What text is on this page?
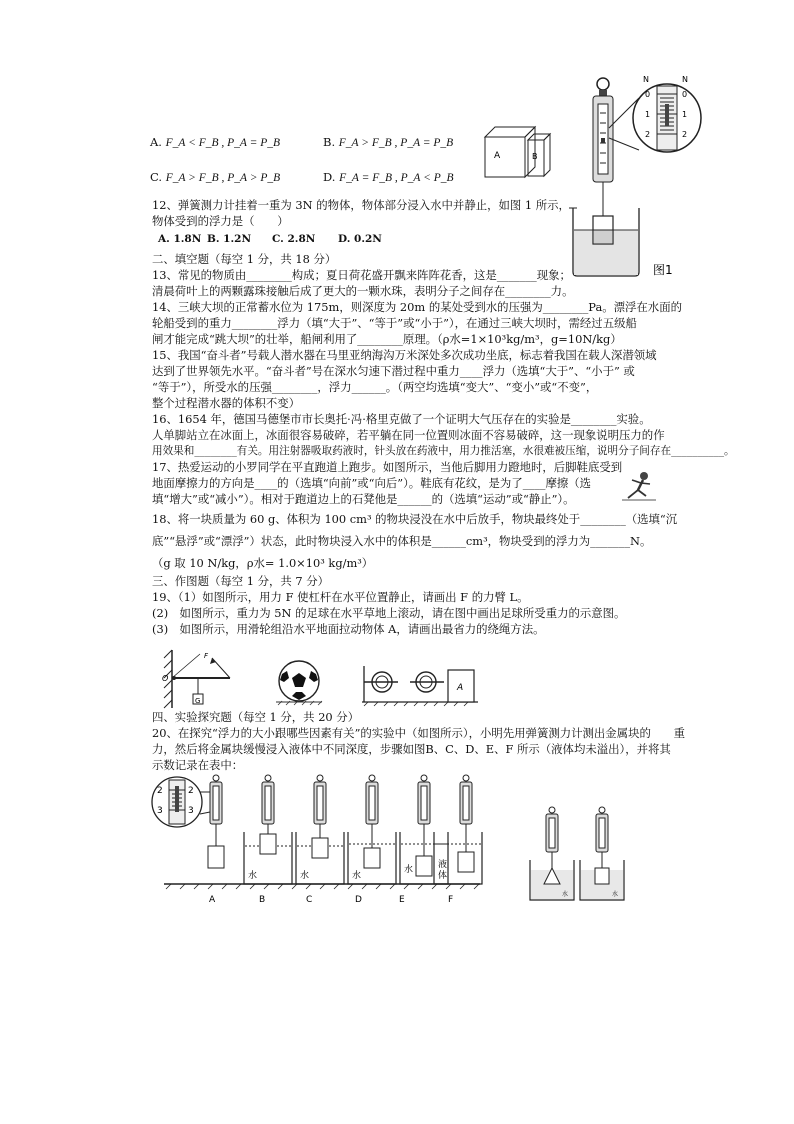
A. F_A < F_B , P_A = P_B	B. F_A > F_B , P_A = P_B
C. F_A > F_B , P_A > P_B	D. F_A = F_B , P_A < P_B
A	B
12、弹簧测力计挂着一重为 3N 的物体，物体部分浸入水中并静止，如图 1 所示，
物体受到的浮力是（　　）
A. 1.8N B. 1.2N C. 2.8N D. 0.2N
N	N
0	0
1	1
2	2
图1
二、填空题（每空 1 分，共 18 分）
13、常见的物质由________构成；夏日荷花盛开飘来阵阵花香，这是_______现象；
清晨荷叶上的两颗露珠接触后成了更大的一颗水珠，表明分子之间存在________力。
14、三峡大坝的正常蓄水位为 175m，则深度为 20m 的某处受到水的压强为________Pa。漂浮在水面的
轮船受到的重力________浮力（填“大于”、“等于”或“小于”），在通过三峡大坝时，需经过五级船
闸才能完成“跳大坝”的壮举，船闸利用了________原理。（ρ水=1×10³kg/m³，g=10N/kg）
15、我国“奋斗者”号载人潜水器在马里亚纳海沟万米深处多次成功坐底，标志着我国在载人深潜领域
达到了世界领先水平。“奋斗者”号在深水匀速下潜过程中重力____浮力（选填“大于”、“小于” 或
“等于”），所受水的压强________，浮力______。（两空均选填“变大”、“变小”或“不变”，
整个过程潜水器的体积不变）
16、1654 年，德国马德堡市市长奥托·冯·格里克做了一个证明大气压存在的实验是________实验。
人单脚站立在冰面上，冰面很容易破碎，若平躺在同一位置则冰面不容易破碎，这一现象说明压力的作
用效果和________有关。用注射器吸取药液时，针头放在药液中，用力推活塞，水很难被压缩，说明分子间存在__________。
17、热爱运动的小罗同学在平直跑道上跑步。如图所示，当他后脚用力蹬地时，后脚鞋底受到
地面摩擦力的方向是____的（选填“向前”或“向后”）。鞋底有花纹，是为了____摩擦（选
填“增大”或“减小”）。相对于跑道边上的石凳他是______的（选填“运动”或“静止”）。
18、将一块质量为 60 g、体积为 100 cm³ 的物块浸没在水中后放手，物块最终处于________（选填“沉
底”“悬浮”或“漂浮”）状态，此时物块浸入水中的体积是______cm³，物块受到的浮力为_______N。
（g 取 10 N/kg，ρ水= 1.0×10³ kg/m³）
三、作图题（每空 1 分，共 7 分）
19、（1）如图所示，用力 F 使杠杆在水平位置静止，请画出 F 的力臂 L。
(2)　如图所示，重力为 5N 的足球在水平草地上滚动，请在图中画出足球所受重力的示意图。
(3)　如图所示，用滑轮组沿水平地面拉动物体 A，请画出最省力的绕绳方法。
O
F
G
A
四、实验探究题（每空 1 分，共 20 分）
20、在探究“浮力的大小跟哪些因素有关”的实验中（如图所示），小明先用弹簧测力计测出金属块的　　重
力，然后将金属块缓慢浸入液体中不同深度，步骤如图B、C、D、E、F 所示（液体均未溢出），并将其
示数记录在表中：
2	2
3	3
水	水	水
水	液
体
A	B	C	D	E	F
水	水
